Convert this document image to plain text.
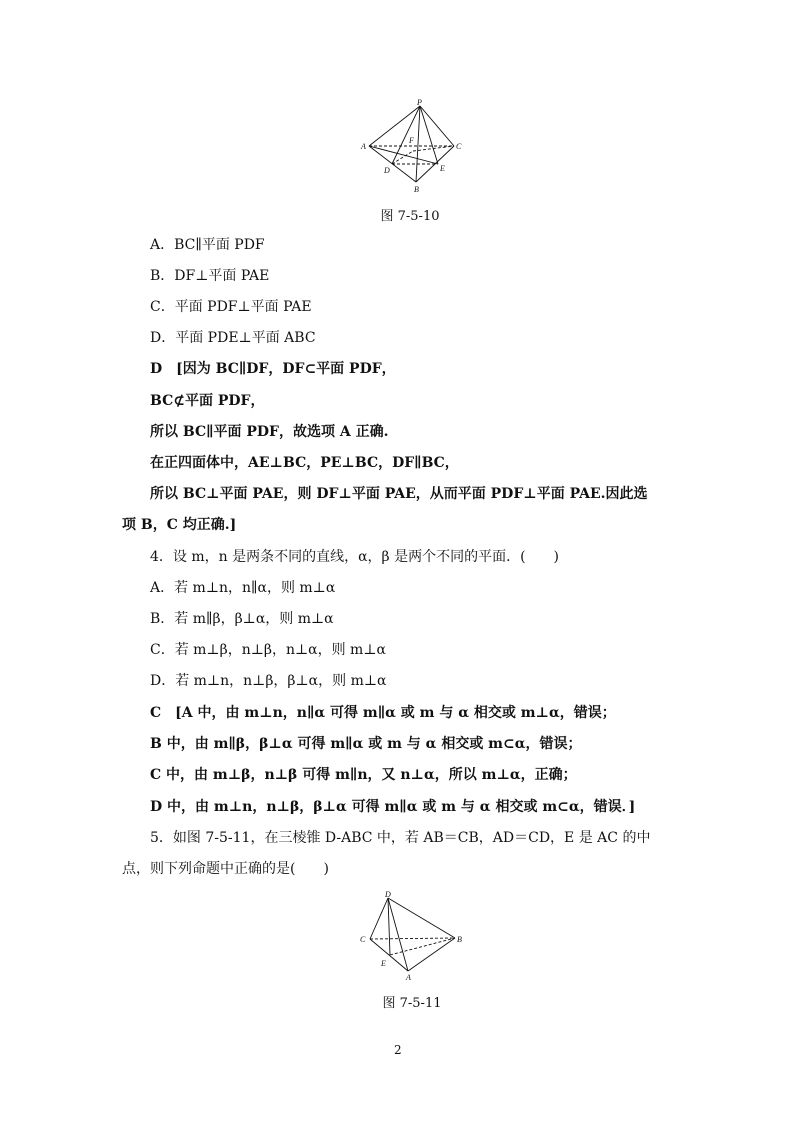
P
F
A	C
D	E
B
图 7-5-10
A．BC∥平面 PDF
B．DF⊥平面 PAE
C．平面 PDF⊥平面 PAE
D．平面 PDE⊥平面 ABC
D　[因为 BC∥DF，DF⊂平面 PDF，
BC⊄平面 PDF，
所以 BC∥平面 PDF，故选项 A 正确.
在正四面体中，AE⊥BC，PE⊥BC，DF∥BC，
所以 BC⊥平面 PAE，则 DF⊥平面 PAE，从而平面 PDF⊥平面 PAE.因此选
项 B，C 均正确.]
4．设 m，n 是两条不同的直线，α，β 是两个不同的平面．(　　)
A．若 m⊥n，n∥α，则 m⊥α
B．若 m∥β，β⊥α，则 m⊥α
C．若 m⊥β，n⊥β，n⊥α，则 m⊥α
D．若 m⊥n，n⊥β，β⊥α，则 m⊥α
C　[A 中，由 m⊥n，n∥α 可得 m∥α 或 m 与 α 相交或 m⊥α，错误；
B 中，由 m∥β，β⊥α 可得 m∥α 或 m 与 α 相交或 m⊂α，错误；
C 中，由 m⊥β，n⊥β 可得 m∥n，又 n⊥α，所以 m⊥α，正确；
D 中，由 m⊥n，n⊥β，β⊥α 可得 m∥α 或 m 与 α 相交或 m⊂α，错误．]
5．如图 7-5-11，在三棱锥 D-ABC 中，若 AB＝CB，AD＝CD，E 是 AC 的中
点，则下列命题中正确的是(　　)
D
C	B
E
A
图 7-5-11
2
